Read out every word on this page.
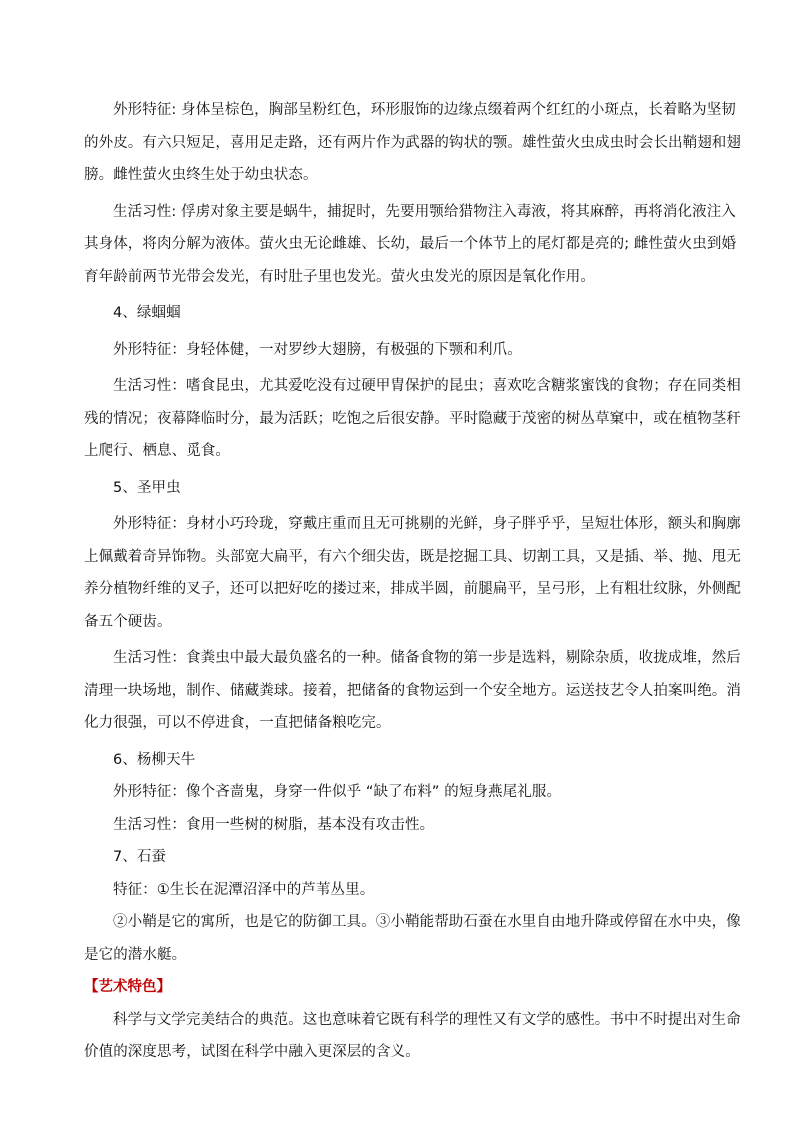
外形特征: 身体呈棕色，胸部呈粉红色，环形服饰的边缘点缀着两个红红的小斑点，长着略为坚韧的外皮。有六只短足，喜用足走路，还有两片作为武器的钩状的颚。雄性萤火虫成虫时会长出鞘翅和翅膀。雌性萤火虫终生处于幼虫状态。

生活习性: 俘虏对象主要是蜗牛，捕捉时，先要用颚给猎物注入毒液，将其麻醉，再将消化液注入其身体，将肉分解为液体。萤火虫无论雌雄、长幼，最后一个体节上的尾灯都是亮的; 雌性萤火虫到婚育年龄前两节光带会发光，有时肚子里也发光。萤火虫发光的原因是氧化作用。

4、绿蝈蝈

外形特征：身轻体健，一对罗纱大翅膀，有极强的下颚和利爪。

生活习性：嗜食昆虫，尤其爱吃没有过硬甲胄保护的昆虫；喜欢吃含糖浆蜜饯的食物；存在同类相残的情况；夜幕降临时分，最为活跃；吃饱之后很安静。平时隐藏于茂密的树丛草窠中，或在植物茎秆上爬行、栖息、觅食。

5、圣甲虫

外形特征：身材小巧玲珑，穿戴庄重而且无可挑剔的光鲜，身子胖乎乎，呈短壮体形，额头和胸廓上佩戴着奇异饰物。头部宽大扁平，有六个细尖齿，既是挖掘工具、切割工具，又是插、举、抛、甩无养分植物纤维的叉子，还可以把好吃的搂过来，排成半圆，前腿扁平，呈弓形，上有粗壮纹脉，外侧配备五个硬齿。

生活习性：食粪虫中最大最负盛名的一种。储备食物的第一步是选料，剔除杂质，收拢成堆，然后清理一块场地，制作、储藏粪球。接着，把储备的食物运到一个安全地方。运送技艺令人拍案叫绝。消化力很强，可以不停进食，一直把储备粮吃完。

6、杨柳天牛

外形特征：像个吝啬鬼，身穿一件似乎 “缺了布料” 的短身燕尾礼服。

生活习性：食用一些树的树脂，基本没有攻击性。

7、石蚕

特征：①生长在泥潭沼泽中的芦苇丛里。

②小鞘是它的寓所，也是它的防御工具。③小鞘能帮助石蚕在水里自由地升降或停留在水中央，像是它的潜水艇。

【艺术特色】

科学与文学完美结合的典范。这也意味着它既有科学的理性又有文学的感性。书中不时提出对生命价值的深度思考，试图在科学中融入更深层的含义。
